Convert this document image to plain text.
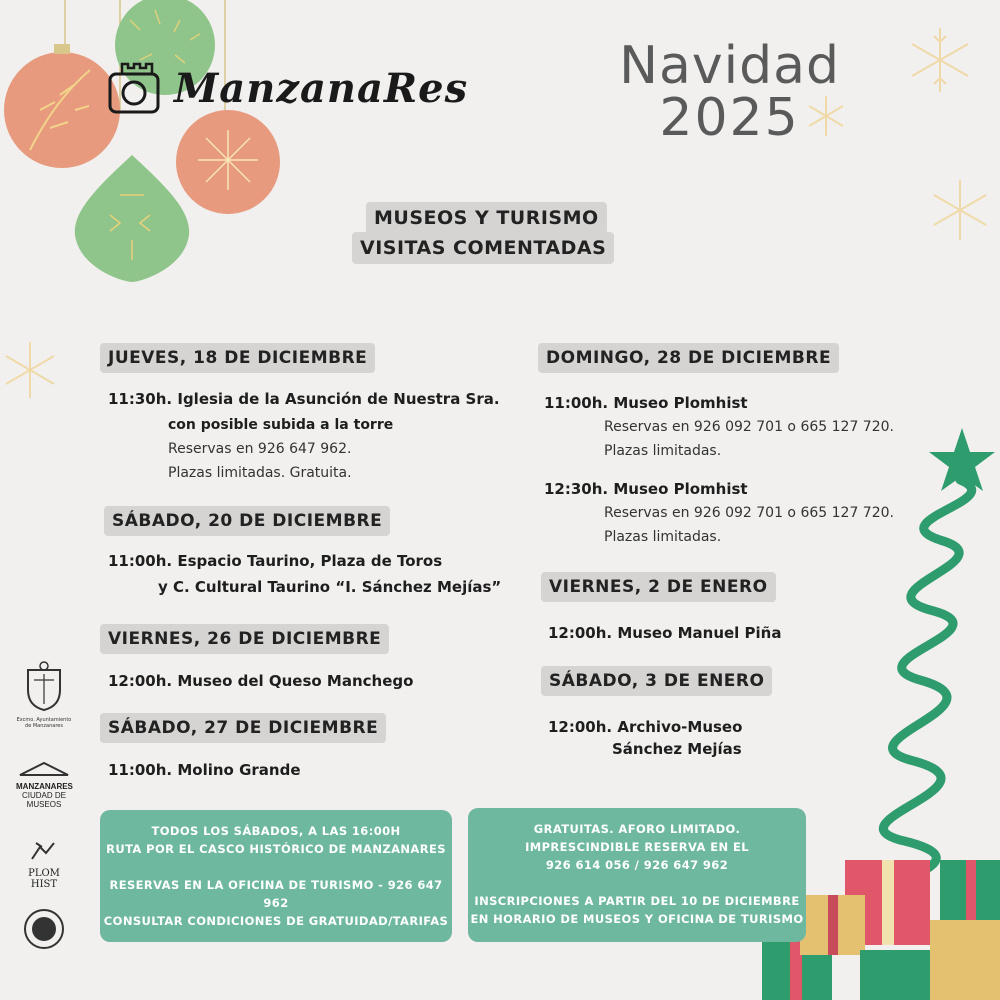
ManzanaRes	Navidad
2025
MUSEOS Y TURISMO
VISITAS COMENTADAS
JUEVES, 18 DE DICIEMBRE
11:30h. Iglesia de la Asunción de Nuestra Sra.
con posible subida a la torre
Reservas en 926 647 962.
Plazas limitadas. Gratuita.
SÁBADO, 20 DE DICIEMBRE
11:00h. Espacio Taurino, Plaza de Toros
y C. Cultural Taurino “I. Sánchez Mejías”
VIERNES, 26 DE DICIEMBRE
12:00h. Museo del Queso Manchego
SÁBADO, 27 DE DICIEMBRE
11:00h. Molino Grande
DOMINGO, 28 DE DICIEMBRE
11:00h. Museo Plomhist
Reservas en 926 092 701 o 665 127 720.
Plazas limitadas.
12:30h. Museo Plomhist
Reservas en 926 092 701 o 665 127 720.
Plazas limitadas.
VIERNES, 2 DE ENERO
12:00h. Museo Manuel Piña
SÁBADO, 3 DE ENERO
12:00h. Archivo-Museo
Sánchez Mejías
TODOS LOS SÁBADOS, A LAS 16:00H
RUTA POR EL CASCO HISTÓRICO DE MANZANARES
RESERVAS EN LA OFICINA DE TURISMO - 926 647 962
CONSULTAR CONDICIONES DE GRATUIDAD/TARIFAS
GRATUITAS. AFORO LIMITADO.
IMPRESCINDIBLE RESERVA EN EL
926 614 056 / 926 647 962
INSCRIPCIONES A PARTIR DEL 10 DE DICIEMBRE
EN HORARIO DE MUSEOS Y OFICINA DE TURISMO
Excmo. Ayuntamiento
de Manzanares
MANZANARES
CIUDAD DE
MUSEOS
PLOM
HIST
